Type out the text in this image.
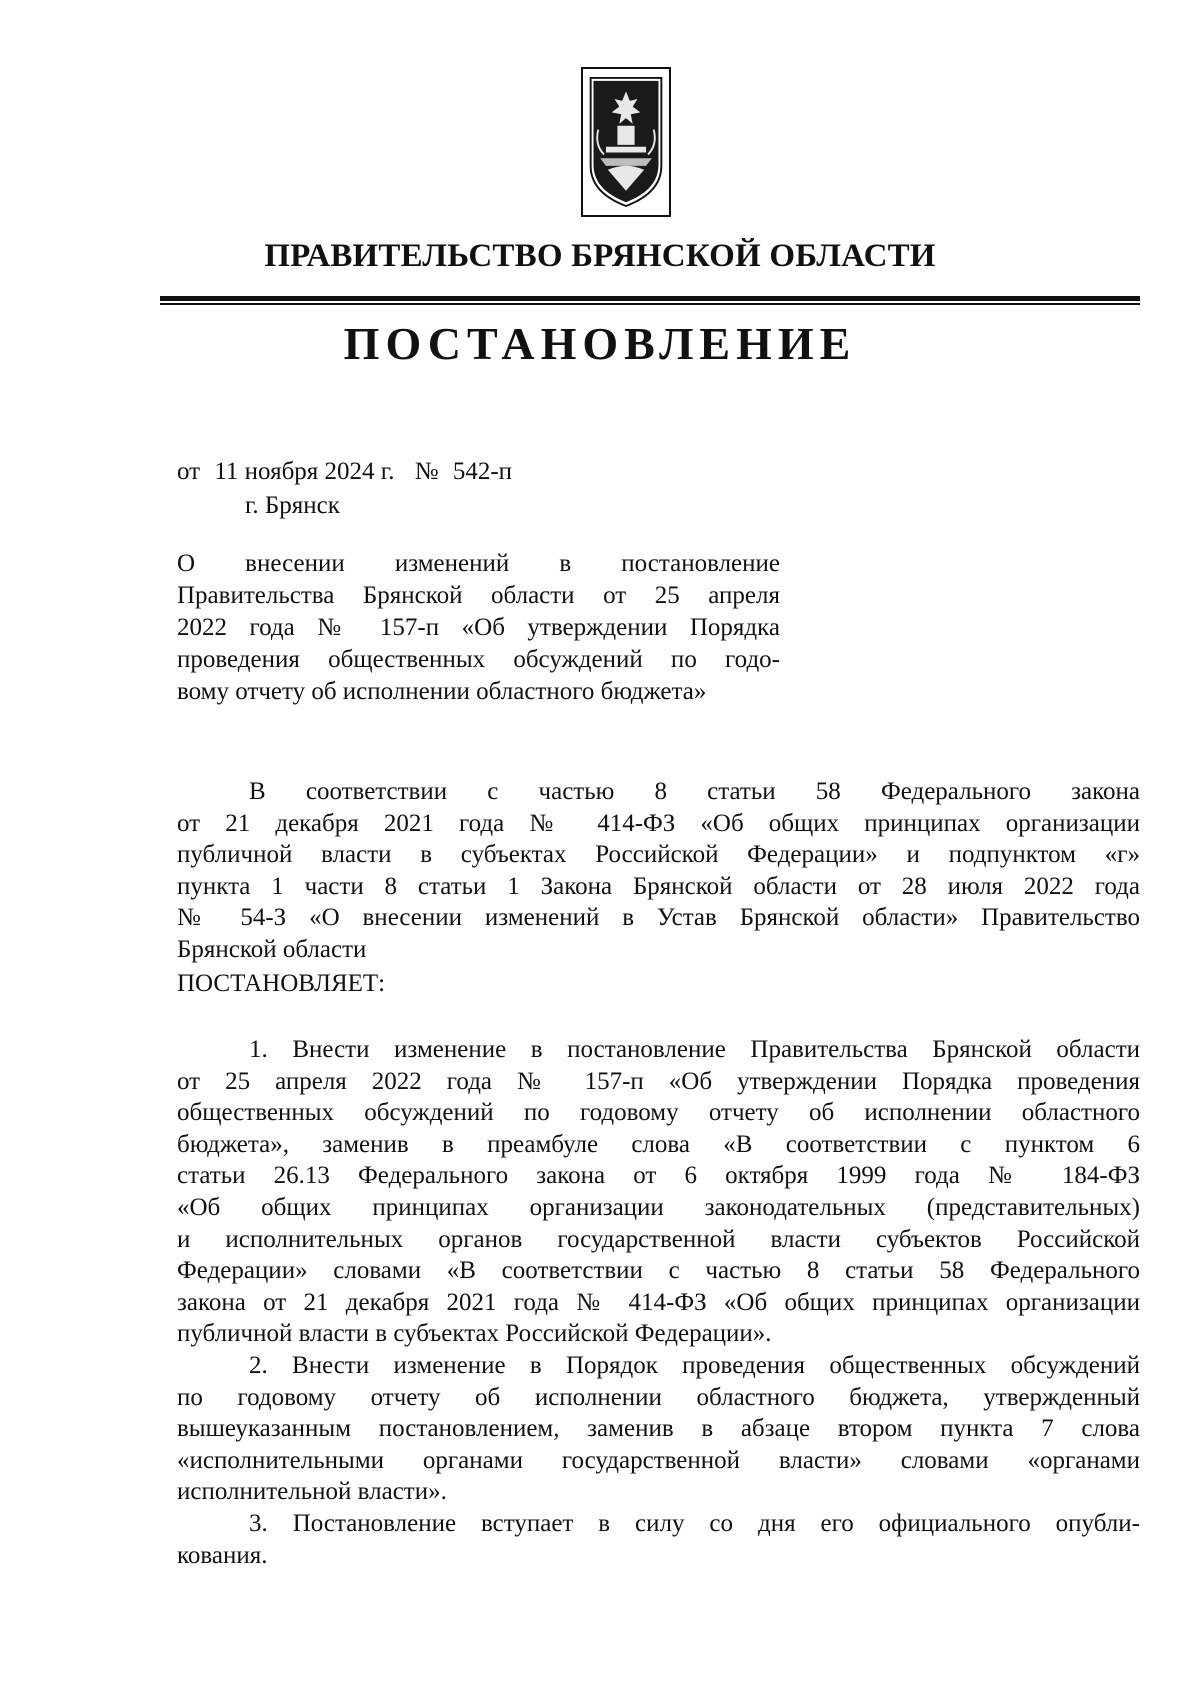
ПРАВИТЕЛЬСТВО БРЯНСКОЙ ОБЛАСТИ
ПОСТАНОВЛЕНИЕ
от 11 ноября 2024 г. № 542-п
г. Брянск
О внесении изменений в постановление
Правительства Брянской области от 25 апреля
2022 года № 157-п «Об утверждении Порядка
проведения общественных обсуждений по годо-
вому отчету об исполнении областного бюджета»
В соответствии с частью 8 статьи 58 Федерального закона
от 21 декабря 2021 года № 414-ФЗ «Об общих принципах организации
публичной власти в субъектах Российской Федерации» и подпунктом «г»
пункта 1 части 8 статьи 1 Закона Брянской области от 28 июля 2022 года
№ 54-З «О внесении изменений в Устав Брянской области» Правительство
Брянской области
ПОСТАНОВЛЯЕТ:
1. Внести изменение в постановление Правительства Брянской области
от 25 апреля 2022 года № 157-п «Об утверждении Порядка проведения
общественных обсуждений по годовому отчету об исполнении областного
бюджета», заменив в преамбуле слова «В соответствии с пунктом 6
статьи 26.13 Федерального закона от 6 октября 1999 года № 184-ФЗ
«Об общих принципах организации законодательных (представительных)
и исполнительных органов государственной власти субъектов Российской
Федерации» словами «В соответствии с частью 8 статьи 58 Федерального
закона от 21 декабря 2021 года № 414-ФЗ «Об общих принципах организации
публичной власти в субъектах Российской Федерации».
2. Внести изменение в Порядок проведения общественных обсуждений
по годовому отчету об исполнении областного бюджета, утвержденный
вышеуказанным постановлением, заменив в абзаце втором пункта 7 слова
«исполнительными органами государственной власти» словами «органами
исполнительной власти».
3. Постановление вступает в силу со дня его официального опубли-
кования.
